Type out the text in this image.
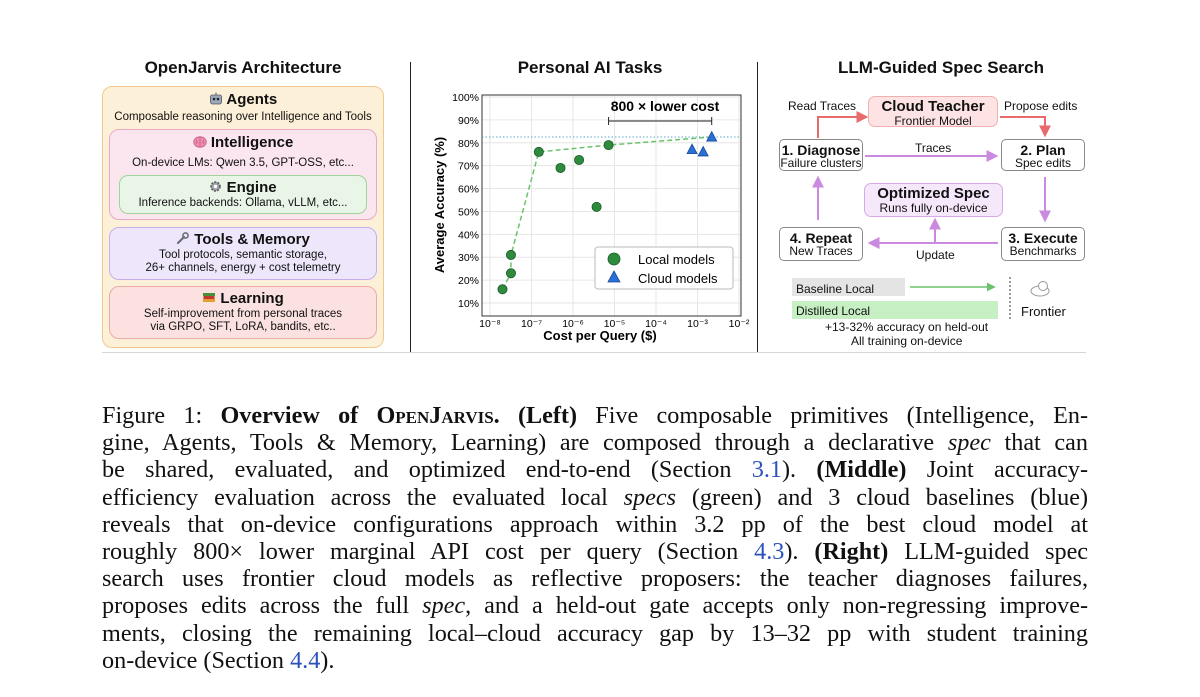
OpenJarvis Architecture
Agents
Composable reasoning over Intelligence and Tools
Intelligence
On-device LMs: Qwen 3.5, GPT-OSS, etc...
Engine
Inference backends: Ollama, vLLM, etc...
Tools & Memory
Tool protocols, semantic storage,
26+ channels, energy + cost telemetry
Learning
Self-improvement from personal traces
via GRPO, SFT, LoRA, bandits, etc..
Personal AI Tasks
10%
20%
30%
40%
50%
60%
70%
80%
90%
100%
10⁻⁸ 10⁻⁷ 10⁻⁶ 10⁻⁵ 10⁻⁴ 10⁻³ 10⁻²
800 × lower cost
Cost per Query ($)
Average Accuracy (%)	Local models
Cloud models
LLM-Guided Spec Search
Cloud Teacher
Frontier Model
Read Traces	Propose edits
1. Diagnose
Failure clusters
Traces	2. Plan
Spec edits
Optimized Spec
Runs fully on-device
4. Repeat
New Traces	Update
3. Execute
Benchmarks
Baseline Local
Distilled Local	Frontier
+13-32% accuracy on held-out
All training on-device
Figure 1: Overview of OpenJarvis. (Left) Five composable primitives (Intelligence, En-
gine, Agents, Tools & Memory, Learning) are composed through a declarative spec that can
be shared, evaluated, and optimized end-to-end (Section 3.1). (Middle) Joint accuracy-
efficiency evaluation across the evaluated local specs (green) and 3 cloud baselines (blue)
reveals that on-device configurations approach within 3.2 pp of the best cloud model at
roughly 800× lower marginal API cost per query (Section 4.3). (Right) LLM-guided spec
search uses frontier cloud models as reflective proposers: the teacher diagnoses failures,
proposes edits across the full spec, and a held-out gate accepts only non-regressing improve-
ments, closing the remaining local–cloud accuracy gap by 13–32 pp with student training
on-device (Section 4.4).
